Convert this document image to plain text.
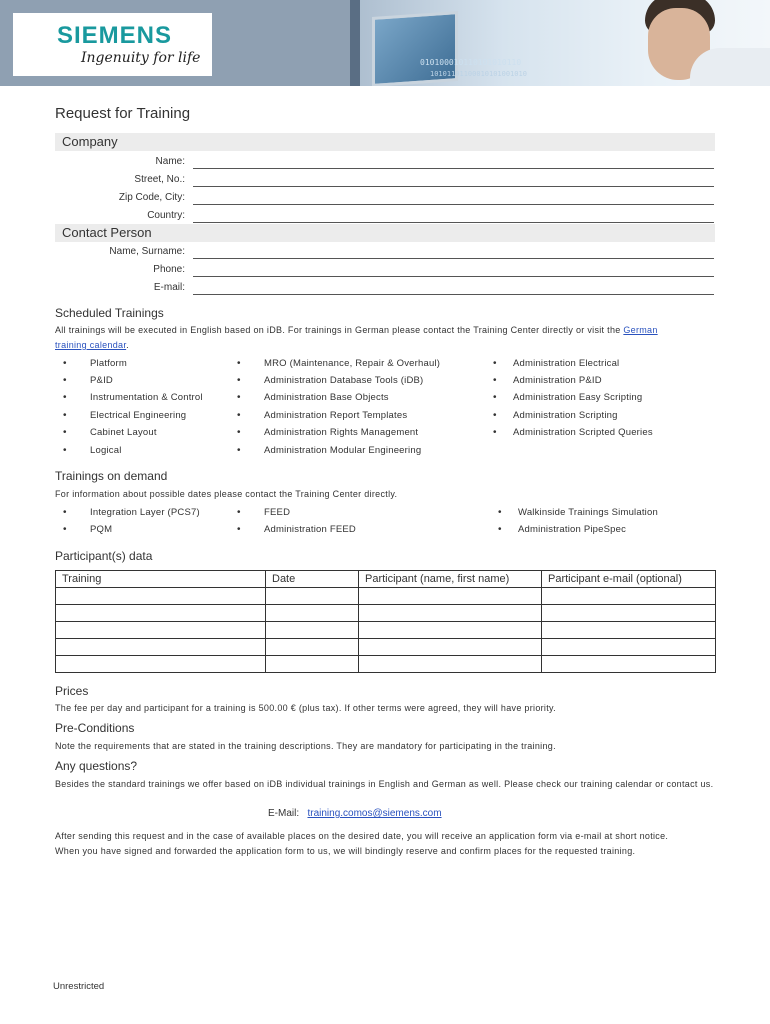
010100010110101010110
10101101100010101001010
SIEMENS
Ingenuity for life
Request for Training
Company
Name:
Street, No.:
Zip Code, City:
Country:
Contact Person
Name, Surname:
Phone:
E-mail:
Scheduled Trainings
All trainings will be executed in English based on iDB. For trainings in German please contact the Training Center directly or visit the German
training calendar.
• Platform
• P&ID
• Instrumentation & Control
• Electrical Engineering
• Cabinet Layout
• Logical
• MRO (Maintenance, Repair & Overhaul)
• Administration Database Tools (iDB)
• Administration Base Objects
• Administration Report Templates
• Administration Rights Management
• Administration Modular Engineering
• Administration Electrical
• Administration P&ID
• Administration Easy Scripting
• Administration Scripting
• Administration Scripted Queries
Trainings on demand
For information about possible dates please contact the Training Center directly.
• Integration Layer (PCS7)
• PQM
• FEED
• Administration FEED
• Walkinside Trainings Simulation
• Administration PipeSpec
Participant(s) data
Training	Date	Participant (name, first name)	Participant e-mail (optional)

Prices
The fee per day and participant for a training is 500.00 € (plus tax). If other terms were agreed, they will have priority.
Pre-Conditions
Note the requirements that are stated in the training descriptions. They are mandatory for participating in the training.
Any questions?
Besides the standard trainings we offer based on iDB individual trainings in English and German as well. Please check our training calendar or contact us.
E-Mail: training.comos@siemens.com
After sending this request and in the case of available places on the desired date, you will receive an application form via e-mail at short notice. When you have signed and forwarded the application form to us, we will bindingly reserve and confirm places for the requested training.
Unrestricted
